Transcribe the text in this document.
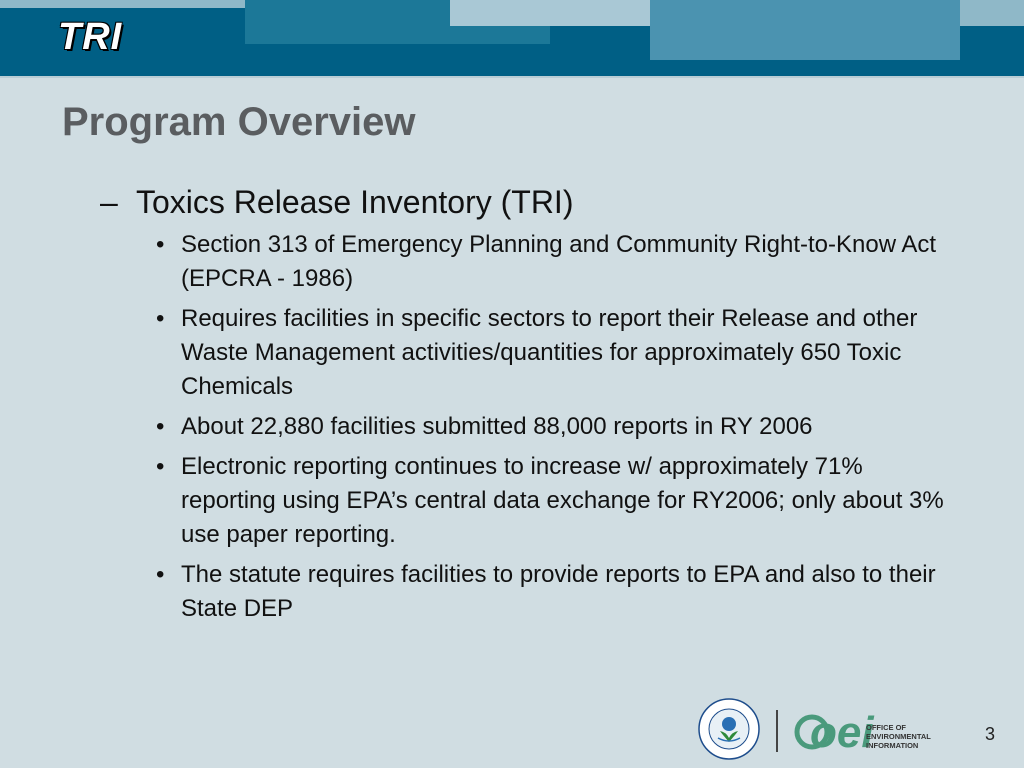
TRI
Program Overview
– Toxics Release Inventory (TRI)
• Section 313 of Emergency Planning and Community Right-to-Know Act (EPCRA - 1986)
• Requires facilities in specific sectors to report their Release and other Waste Management activities/quantities for approximately 650 Toxic Chemicals
• About 22,880 facilities submitted 88,000 reports in RY 2006
• Electronic reporting continues to increase w/ approximately 71% reporting using EPA’s central data exchange for RY2006; only about 3% use paper reporting.
• The statute requires facilities to provide reports to EPA and also to their State DEP
oei
OFFICE OF
ENVIRONMENTAL
INFORMATION
3
